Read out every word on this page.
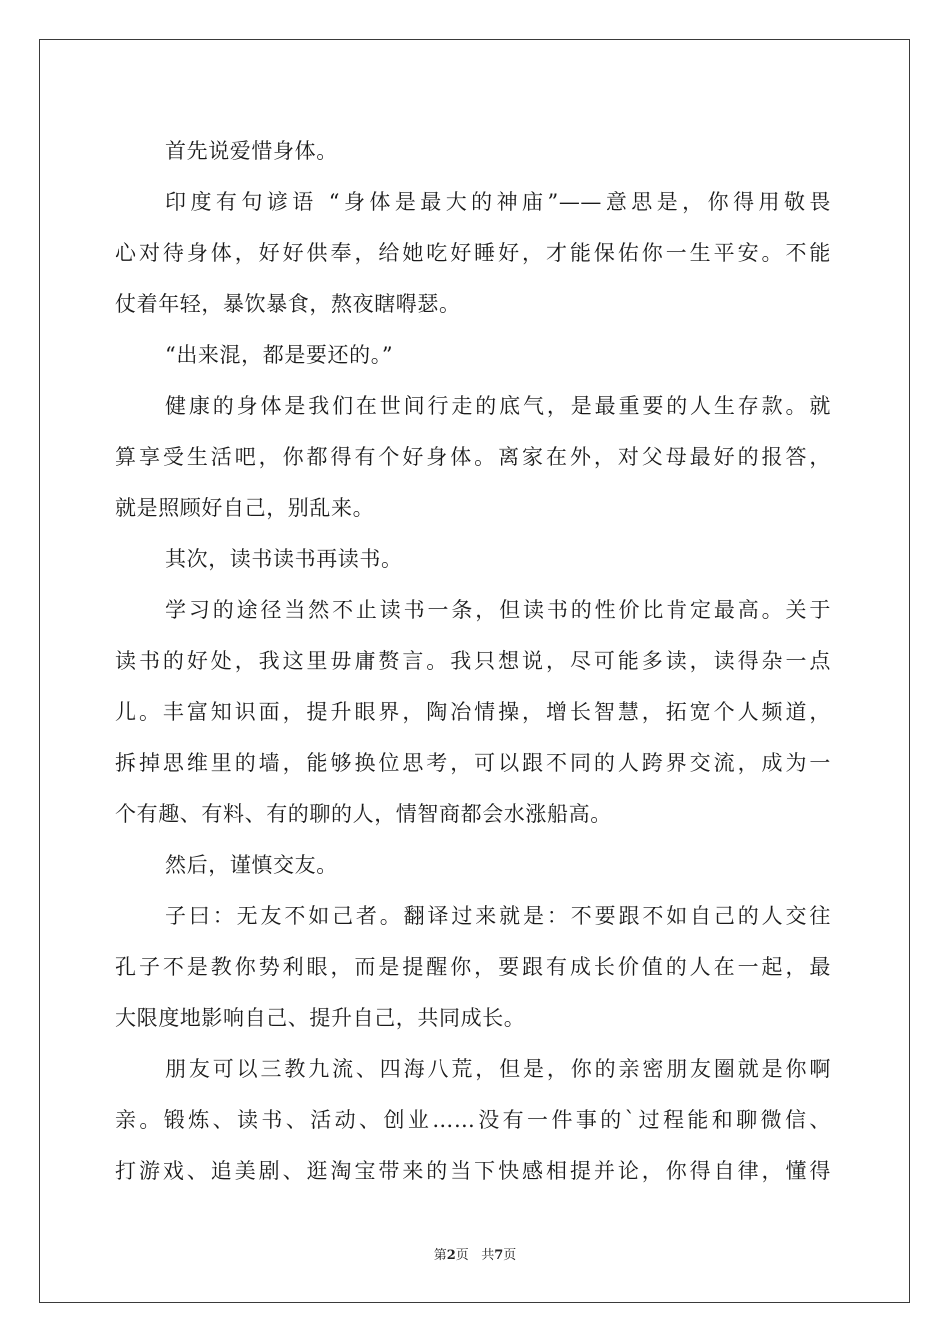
首先说爱惜身体。
印度有句谚语 “身体是最大的神庙”——意思是，你得用敬畏
心对待身体，好好供奉，给她吃好睡好，才能保佑你一生平安。不能
仗着年轻，暴饮暴食，熬夜瞎嘚瑟。
“出来混，都是要还的。”
健康的身体是我们在世间行走的底气，是最重要的人生存款。就
算享受生活吧，你都得有个好身体。离家在外，对父母最好的报答，
就是照顾好自己，别乱来。
其次，读书读书再读书。
学习的途径当然不止读书一条，但读书的性价比肯定最高。关于
读书的好处，我这里毋庸赘言。我只想说，尽可能多读，读得杂一点
儿。丰富知识面，提升眼界，陶冶情操，增长智慧，拓宽个人频道，
拆掉思维里的墙，能够换位思考，可以跟不同的人跨界交流，成为一
个有趣、有料、有的聊的人，情智商都会水涨船高。
然后，谨慎交友。
子曰：无友不如己者。翻译过来就是：不要跟不如自己的人交往
孔子不是教你势利眼，而是提醒你，要跟有成长价值的人在一起，最
大限度地影响自己、提升自己，共同成长。
朋友可以三教九流、四海八荒，但是，你的亲密朋友圈就是你啊
亲。锻炼、读书、活动、创业……没有一件事的`过程能和聊微信、
打游戏、追美剧、逛淘宝带来的当下快感相提并论，你得自律，懂得
第2页 共7页
